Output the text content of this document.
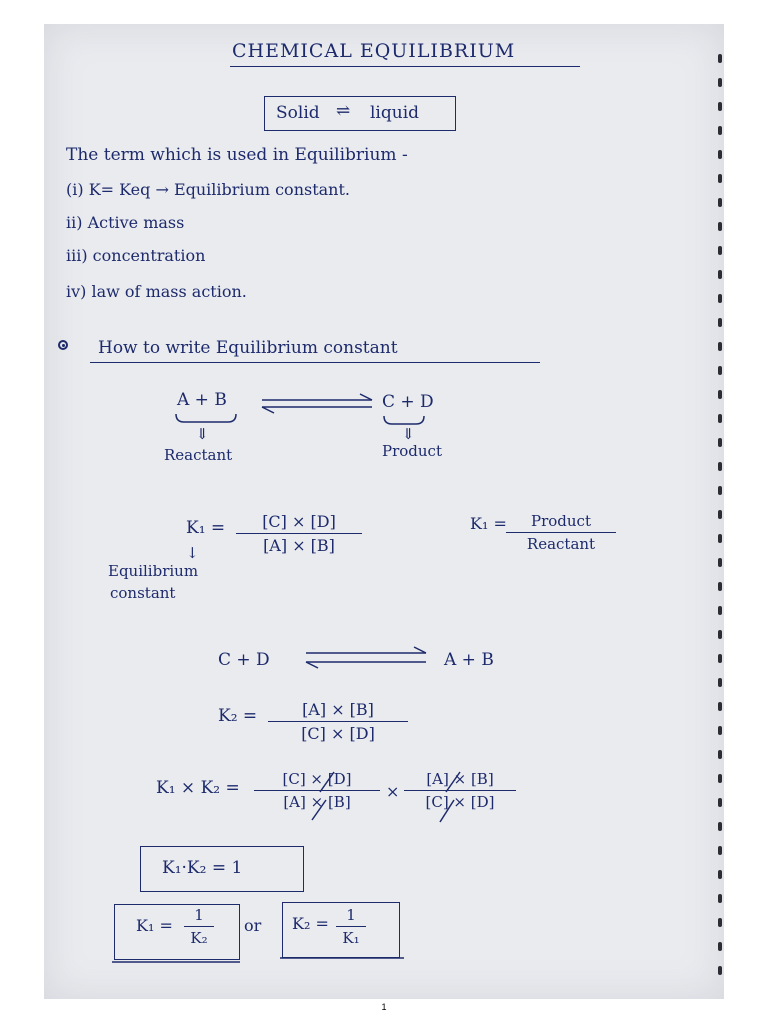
CHEMICAL EQUILIBRIUM
Solid ⇌ liquid
The term which is used in Equilibrium -
(i) K= Keq → Equilibrium constant.
ii) Active mass
iii) concentration
iv) law of mass action.
How to write Equilibrium constant
A + B	C + D
⇓	⇓
Reactant	Product
K₁ =	[C] × [D]
[A] × [B]
↓
Equilibrium
constant
K₁ =	Product
Reactant
C + D	A + B
K₂ =	[A] × [B]
[C] × [D]
K₁ × K₂ =	[C] × [D]
[A] × [B]
×
[A] × [B]
[C] × [D]
K₁·K₂ = 1
K₁ =
1
K₂
or K₂ =	1
K₁
1
